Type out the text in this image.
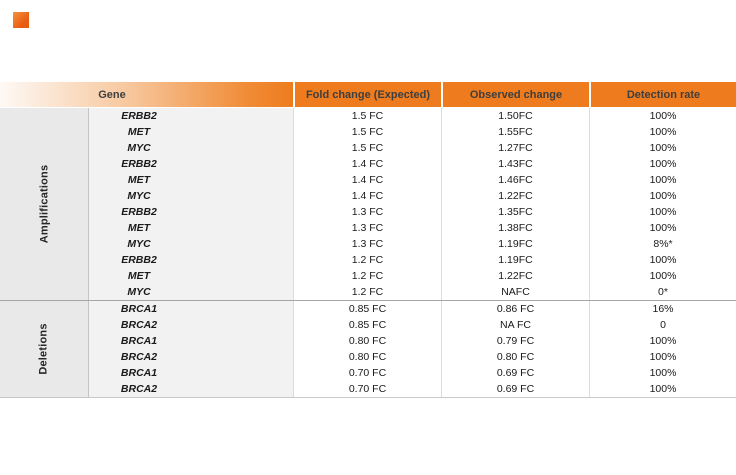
Gene	Fold change (Expected)	Observed change	Detection rate
Amplifications
ERBB2	1.5 FC	1.50FC	100%
MET	1.5 FC	1.55FC	100%
MYC	1.5 FC	1.27FC	100%
ERBB2	1.4 FC	1.43FC	100%
MET	1.4 FC	1.46FC	100%
MYC	1.4 FC	1.22FC	100%
ERBB2	1.3 FC	1.35FC	100%
MET	1.3 FC	1.38FC	100%
MYC	1.3 FC	1.19FC	8%*
ERBB2	1.2 FC	1.19FC	100%
MET	1.2 FC	1.22FC	100%
MYC	1.2 FC	NAFC	0*
Deletions
BRCA1	0.85 FC	0.86 FC	16%
BRCA2	0.85 FC	NA FC	0
BRCA1	0.80 FC	0.79 FC	100%
BRCA2	0.80 FC	0.80 FC	100%
BRCA1	0.70 FC	0.69 FC	100%
BRCA2	0.70 FC	0.69 FC	100%
